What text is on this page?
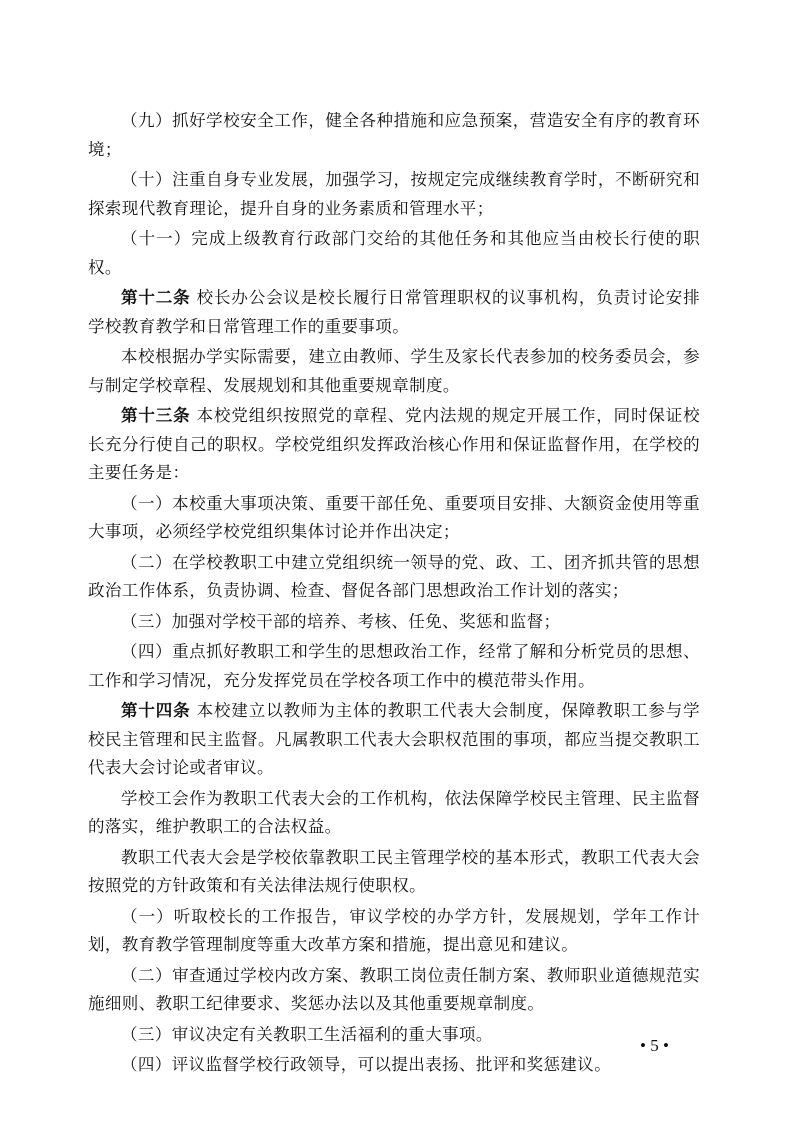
（九）抓好学校安全工作，健全各种措施和应急预案，营造安全有序的教育环境；

（十）注重自身专业发展，加强学习，按规定完成继续教育学时，不断研究和探索现代教育理论，提升自身的业务素质和管理水平；

（十一）完成上级教育行政部门交给的其他任务和其他应当由校长行使的职权。

第十二条 校长办公会议是校长履行日常管理职权的议事机构，负责讨论安排学校教育教学和日常管理工作的重要事项。

本校根据办学实际需要，建立由教师、学生及家长代表参加的校务委员会，参与制定学校章程、发展规划和其他重要规章制度。

第十三条 本校党组织按照党的章程、党内法规的规定开展工作，同时保证校长充分行使自己的职权。学校党组织发挥政治核心作用和保证监督作用，在学校的主要任务是：

（一）本校重大事项决策、重要干部任免、重要项目安排、大额资金使用等重大事项，必须经学校党组织集体讨论并作出决定；

（二）在学校教职工中建立党组织统一领导的党、政、工、团齐抓共管的思想政治工作体系，负责协调、检查、督促各部门思想政治工作计划的落实；

（三）加强对学校干部的培养、考核、任免、奖惩和监督；

（四）重点抓好教职工和学生的思想政治工作，经常了解和分析党员的思想、工作和学习情况，充分发挥党员在学校各项工作中的模范带头作用。

第十四条 本校建立以教师为主体的教职工代表大会制度，保障教职工参与学校民主管理和民主监督。凡属教职工代表大会职权范围的事项，都应当提交教职工代表大会讨论或者审议。

学校工会作为教职工代表大会的工作机构，依法保障学校民主管理、民主监督的落实，维护教职工的合法权益。

教职工代表大会是学校依靠教职工民主管理学校的基本形式，教职工代表大会按照党的方针政策和有关法律法规行使职权。

（一）听取校长的工作报告，审议学校的办学方针，发展规划，学年工作计划，教育教学管理制度等重大改革方案和措施，提出意见和建议。

（二）审查通过学校内改方案、教职工岗位责任制方案、教师职业道德规范实施细则、教职工纪律要求、奖惩办法以及其他重要规章制度。

（三）审议决定有关教职工生活福利的重大事项。

（四）评议监督学校行政领导，可以提出表扬、批评和奖惩建议。

• 5 •
